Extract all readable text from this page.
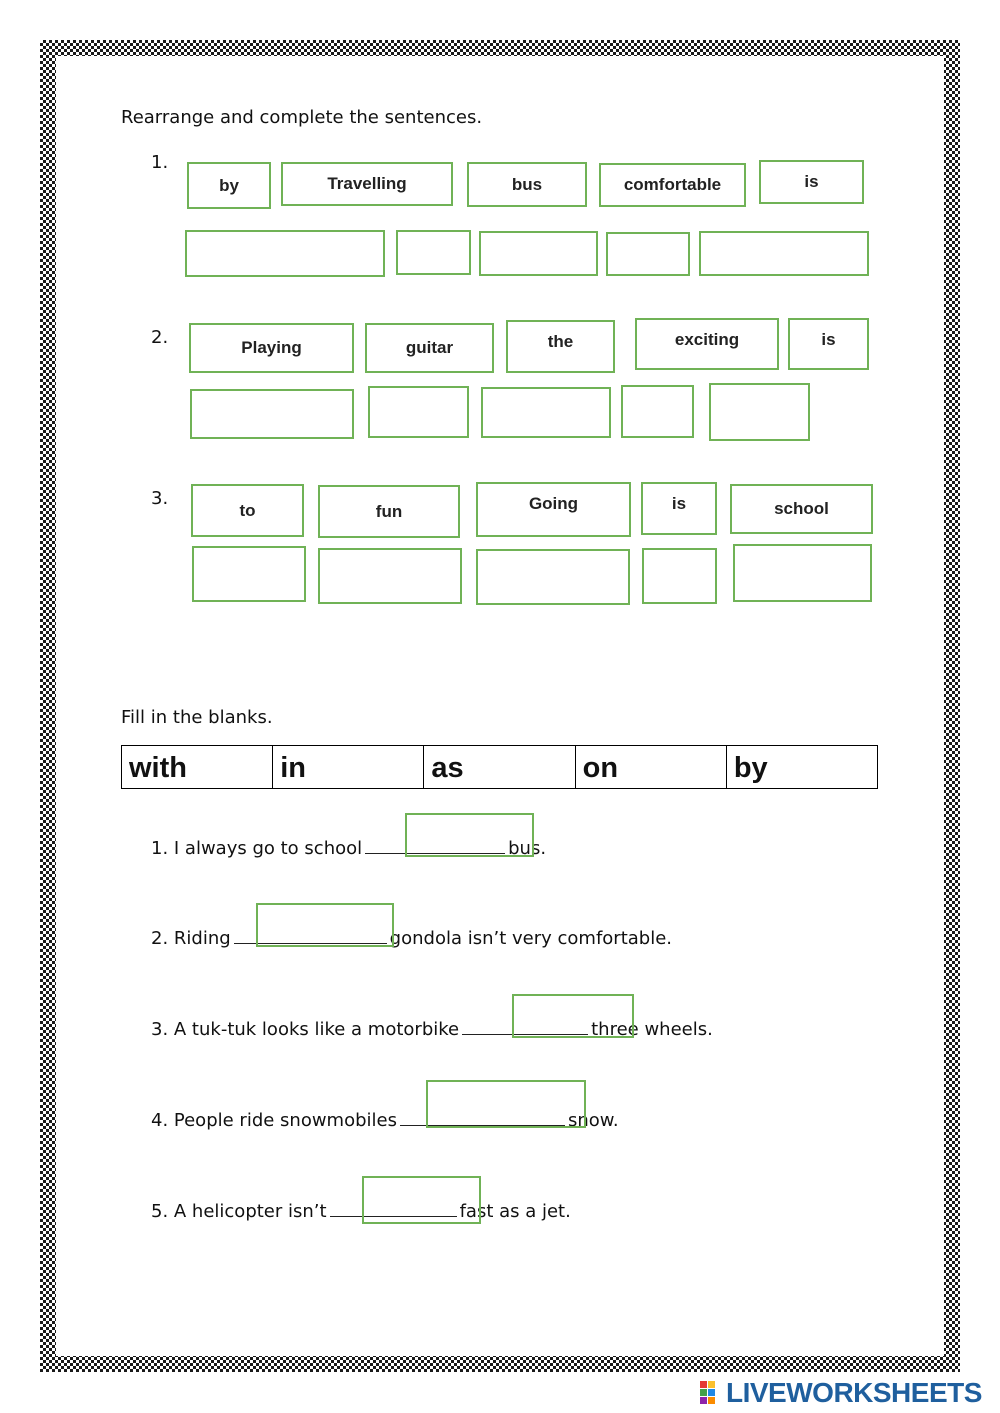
Rearrange and complete the sentences.
1.
by	Travelling	bus	comfortable	is
2.	Playing	guitar	the	exciting	is
3.
to	fun	Going	is	school
Fill in the blanks.
with	in	as	on	by
1. I always go to school	bus.
2. Riding	gondola isn’t very comfortable.
3. A tuk-tuk looks like a motorbike	three wheels.
4. People ride snowmobiles	snow.
5. A helicopter isn’t	fast as a jet.
LIVEWORKSHEETS
